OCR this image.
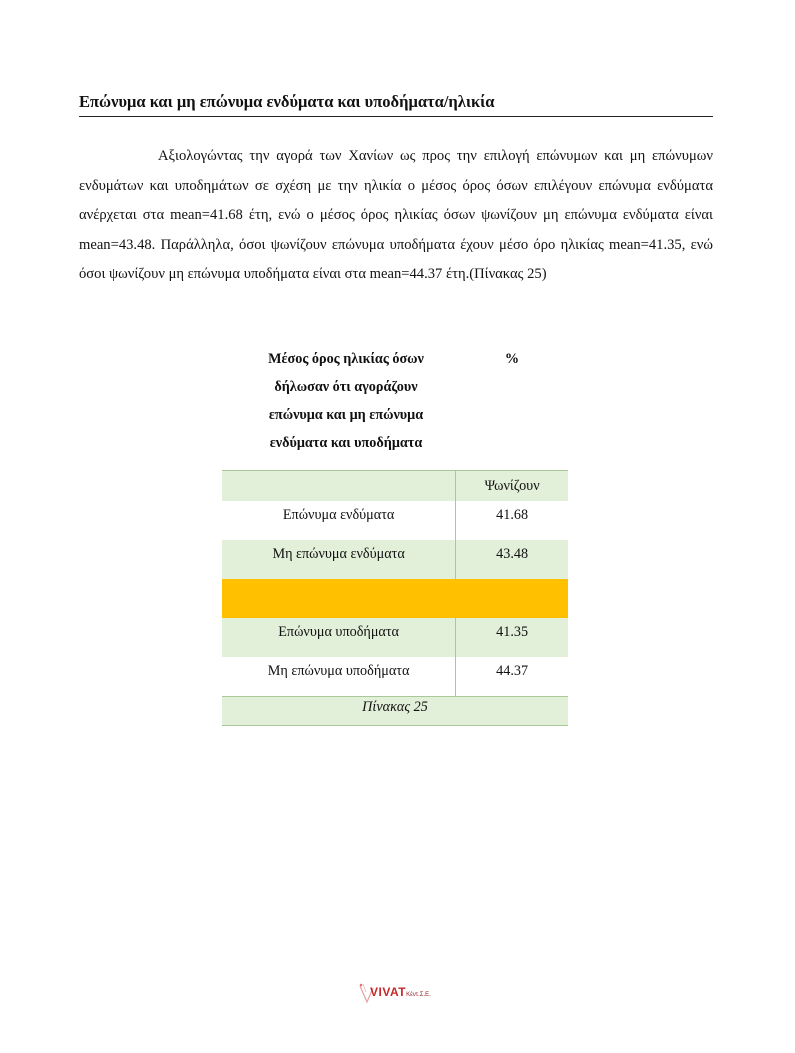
Επώνυμα και μη επώνυμα ενδύματα και υποδήματα/ηλικία
Αξιολογώντας την αγορά των Χανίων ως προς την επιλογή επώνυμων και μη επώνυμων ενδυμάτων και υποδημάτων σε σχέση με την ηλικία ο μέσος όρος όσων επιλέγουν επώνυμα ενδύματα ανέρχεται στα mean=41.68 έτη, ενώ ο μέσος όρος ηλικίας όσων ψωνίζουν μη επώνυμα ενδύματα είναι mean=43.48. Παράλληλα, όσοι ψωνίζουν επώνυμα υποδήματα έχουν μέσο όρο ηλικίας mean=41.35, ενώ όσοι ψωνίζουν μη επώνυμα υποδήματα είναι στα mean=44.37 έτη.(Πίνακας 25)
Μέσος όρος ηλικίας όσων
δήλωσαν ότι αγοράζουν
επώνυμα και μη επώνυμα
ενδύματα και υποδήματα
%
	Ψωνίζουν
Επώνυμα ενδύματα	41.68
Μη επώνυμα ενδύματα	43.48

Επώνυμα υποδήματα	41.35
Μη επώνυμα υποδήματα	44.37
Πίνακας 25	
VIVATΚέντ.Σ.Ε.
